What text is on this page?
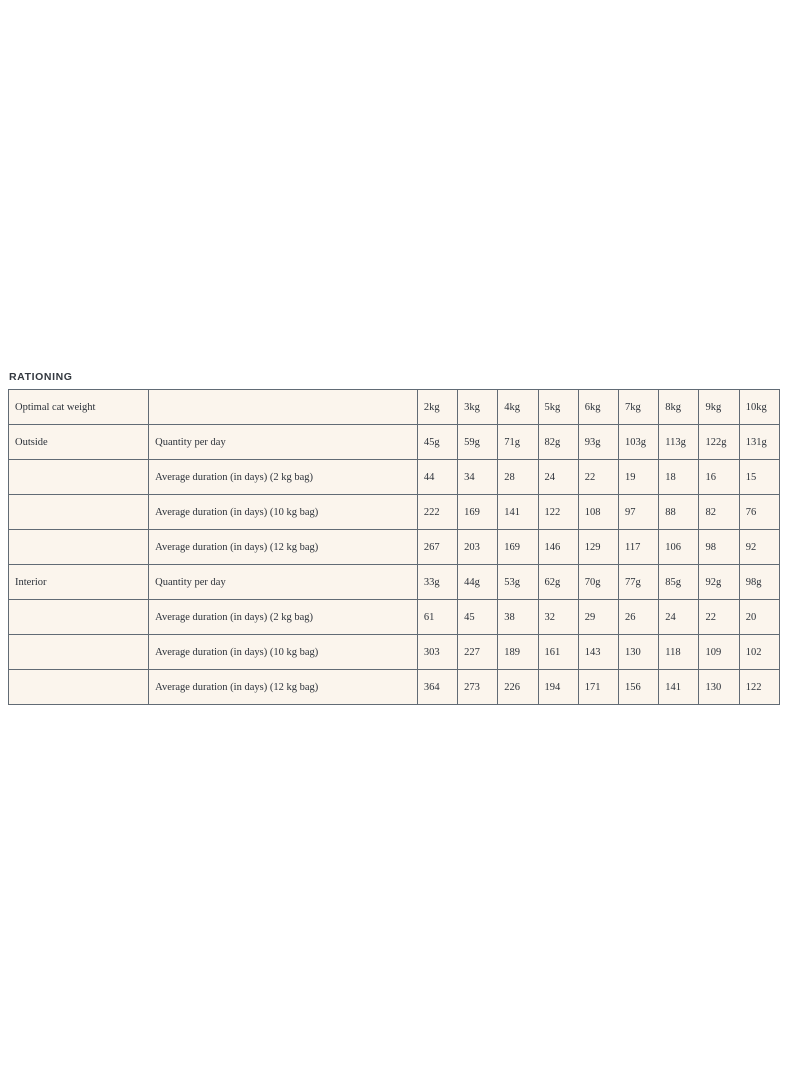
RATIONING
Optimal cat weight		2kg	3kg	4kg	5kg	6kg	7kg	8kg	9kg	10kg
Outside	Quantity per day	45g	59g	71g	82g	93g	103g	113g	122g	131g
	Average duration (in days) (2 kg bag)	44	34	28	24	22	19	18	16	15
	Average duration (in days) (10 kg bag)	222	169	141	122	108	97	88	82	76
	Average duration (in days) (12 kg bag)	267	203	169	146	129	117	106	98	92
Interior	Quantity per day	33g	44g	53g	62g	70g	77g	85g	92g	98g
	Average duration (in days) (2 kg bag)	61	45	38	32	29	26	24	22	20
	Average duration (in days) (10 kg bag)	303	227	189	161	143	130	118	109	102
	Average duration (in days) (12 kg bag)	364	273	226	194	171	156	141	130	122
